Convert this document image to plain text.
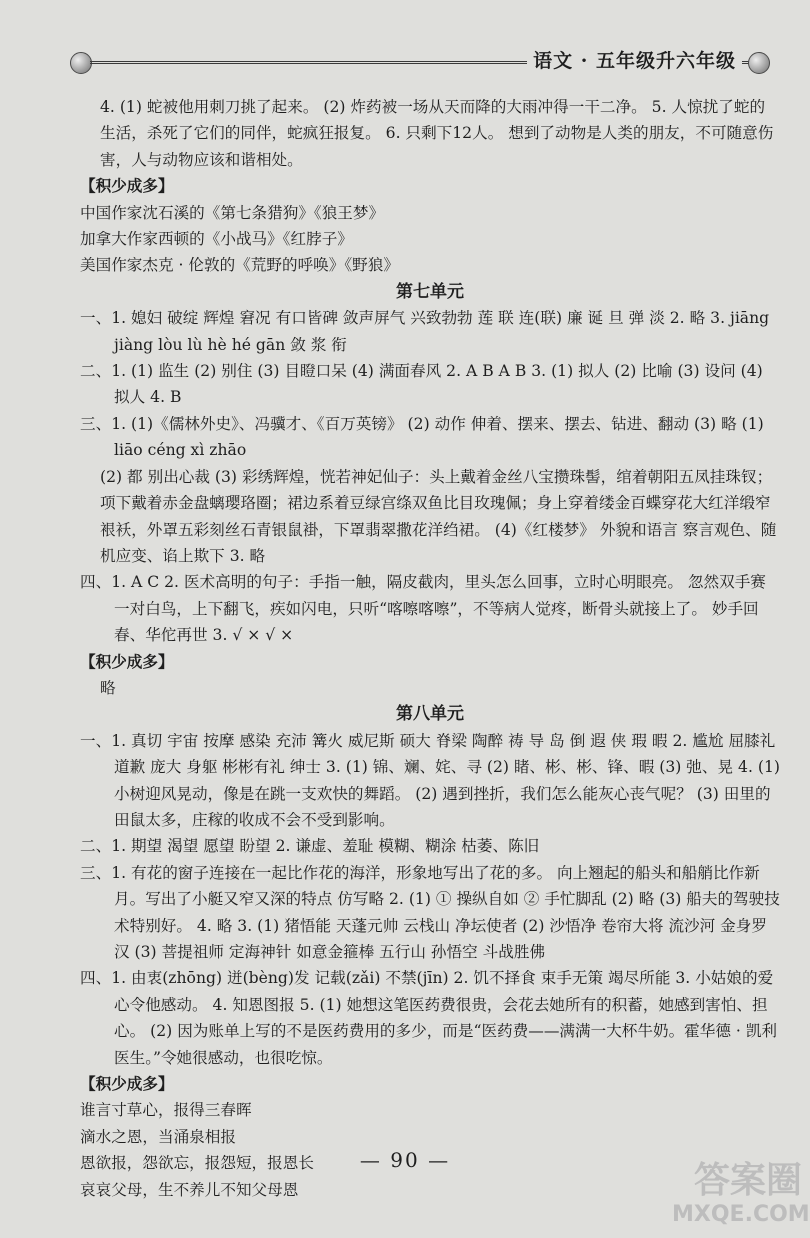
语文 · 五年级升六年级

4. (1) 蛇被他用刺刀挑了起来。 (2) 炸药被一场从天而降的大雨冲得一干二净。 5. 人惊扰了蛇的生活，杀死了它们的同伴，蛇疯狂报复。 6. 只剩下12人。 想到了动物是人类的朋友，不可随意伤害，人与动物应该和谐相处。

【积少成多】

中国作家沈石溪的《第七条猎狗》《狼王梦》

加拿大作家西顿的《小战马》《红脖子》

美国作家杰克 · 伦敦的《荒野的呼唤》《野狼》

第七单元

一、1. 媳妇 破绽 辉煌 窘况 有口皆碑 敛声屏气 兴致勃勃 莲 联 连(联) 廉 诞 旦 弹 淡 2. 略 3. jiāng jiàng lòu lù hè hé gān 敛 浆 衔

二、1. (1) 监生 (2) 别住 (3) 目瞪口呆 (4) 满面春风 2. A B A B 3. (1) 拟人 (2) 比喻 (3) 设问 (4) 拟人 4. B

三、1. (1)《儒林外史》、冯骥才、《百万英镑》 (2) 动作 伸着、摆来、摆去、钻进、翻动 (3) 略 (1) liāo céng xì zhāo

(2) 都 别出心裁 (3) 彩绣辉煌，恍若神妃仙子：头上戴着金丝八宝攒珠髻，绾着朝阳五凤挂珠钗；项下戴着赤金盘螭璎珞圈；裙边系着豆绿宫绦双鱼比目玫瑰佩；身上穿着缕金百蝶穿花大红洋缎窄裉袄，外罩五彩刻丝石青银鼠褂，下罩翡翠撒花洋绉裙。 (4)《红楼梦》 外貌和语言 察言观色、随机应变、谄上欺下 3. 略

四、1. A C 2. 医术高明的句子：手指一触，隔皮截肉，里头怎么回事，立时心明眼亮。 忽然双手赛一对白鸟，上下翻飞，疾如闪电，只听“喀嚓喀嚓”，不等病人觉疼，断骨头就接上了。 妙手回春、华佗再世 3. √ × √ ×

【积少成多】

略

第八单元

一、1. 真切 宇宙 按摩 感染 充沛 篝火 威尼斯 硕大 脊梁 陶醉 祷 导 岛 倒 遐 侠 瑕 暇 2. 尴尬 屈膝礼 道歉 庞大 身躯 彬彬有礼 绅士 3. (1) 锦、斓、姹、寻 (2) 睹、彬、彬、锋、暇 (3) 弛、晃 4. (1) 小树迎风晃动，像是在跳一支欢快的舞蹈。 (2) 遇到挫折，我们怎么能灰心丧气呢？ (3) 田里的田鼠太多，庄稼的收成不会不受到影响。

二、1. 期望 渴望 愿望 盼望 2. 谦虚、羞耻 模糊、糊涂 枯萎、陈旧

三、1. 有花的窗子连接在一起比作花的海洋，形象地写出了花的多。 向上翘起的船头和船艄比作新月。写出了小艇又窄又深的特点 仿写略 2. (1) ① 操纵自如 ② 手忙脚乱 (2) 略 (3) 船夫的驾驶技术特别好。 4. 略 3. (1) 猪悟能 天蓬元帅 云栈山 净坛使者 (2) 沙悟净 卷帘大将 流沙河 金身罗汉 (3) 菩提祖师 定海神针 如意金箍棒 五行山 孙悟空 斗战胜佛

四、1. 由衷(zhōng) 迸(bèng)发 记载(zǎi) 不禁(jīn) 2. 饥不择食 束手无策 竭尽所能 3. 小姑娘的爱心令他感动。 4. 知恩图报 5. (1) 她想这笔医药费很贵，会花去她所有的积蓄，她感到害怕、担心。 (2) 因为账单上写的不是医药费用的多少，而是“医药费——满满一大杯牛奶。霍华德 · 凯利医生。”令她很感动，也很吃惊。

【积少成多】

谁言寸草心，报得三春晖

滴水之恩，当涌泉相报

恩欲报，怨欲忘，报怨短，报恩长

哀哀父母，生不养儿不知父母恩

— 90 —	答案圈
MXQE.COM
